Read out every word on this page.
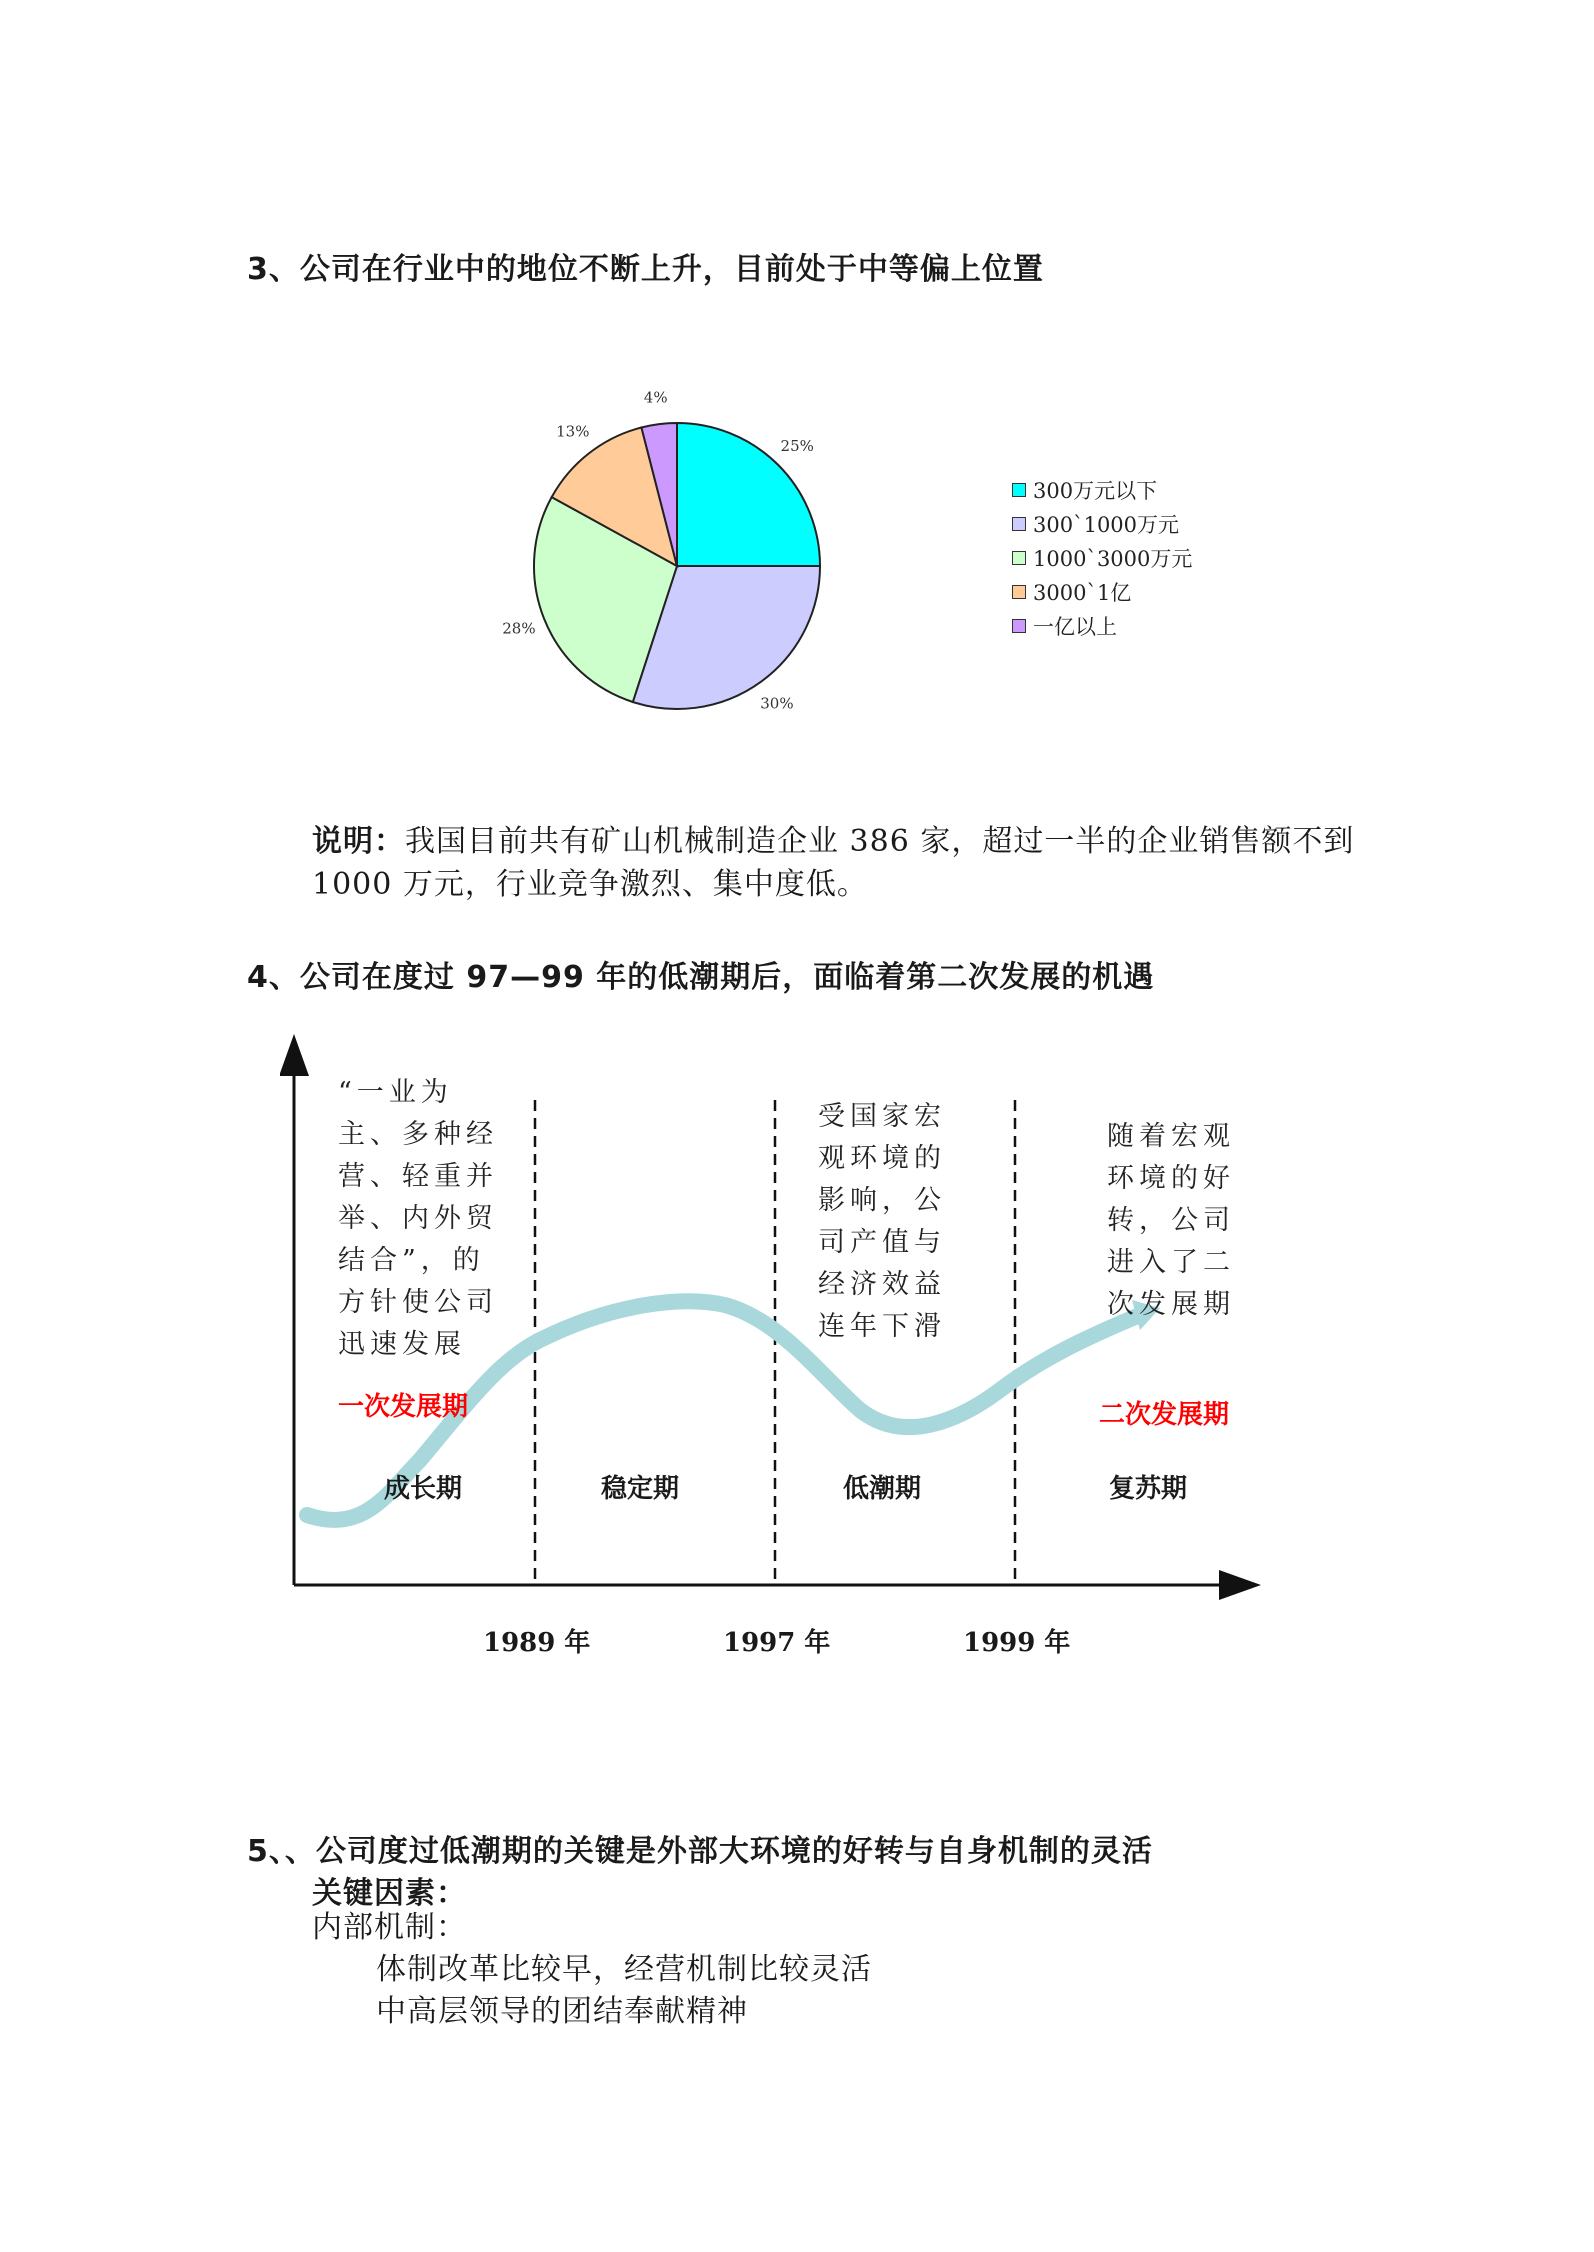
3、公司在行业中的地位不断上升，目前处于中等偏上位置
25%
30%
28%
13%
4%
300万元以下
300`1000万元
1000`3000万元
3000`1亿
一亿以上
说明：我国目前共有矿山机械制造企业 386 家，超过一半的企业销售额不到
1000 万元，行业竞争激烈、集中度低。
4、公司在度过 97—99 年的低潮期后，面临着第二次发展的机遇
“一业为主、多种经营、轻重并举、内外贸结合”，的方针使公司迅速发展
受国家宏观环境的影响，公司产值与经济效益连年下滑
随着宏观环境的好转，公司进入了二次发展期
一次发展期	二次发展期
成长期	稳定期	低潮期	复苏期
1989 年	1997 年	1999 年
5、、公司度过低潮期的关键是外部大环境的好转与自身机制的灵活
关键因素：
内部机制：
体制改革比较早，经营机制比较灵活
中高层领导的团结奉献精神
